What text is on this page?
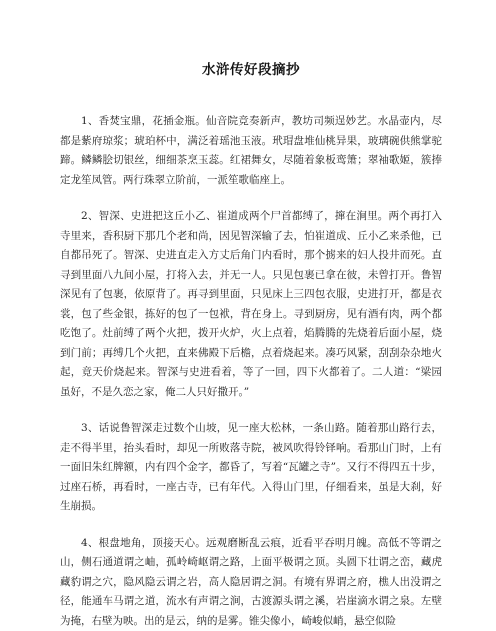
水浒传好段摘抄

1、香焚宝鼎，花插金瓶。仙音院竞奏新声，教坊司频逞妙艺。水晶壶内，尽都是紫府琼浆；琥珀杯中，满泛着瑶池玉液。玳瑁盘堆仙桃异果，玻璃碗供熊掌驼蹄。鳞鳞脍切银丝，细细茶烹玉蕊。红裙舞女，尽随着象板鸾箫；翠袖歌姬，簇捧定龙笙凤管。两行珠翠立阶前，一派笙歌临座上。

2、智深、史进把这丘小乙、崔道成两个尸首都缚了，撺在涧里。两个再打入寺里来，香积厨下那几个老和尚，因见智深输了去，怕崔道成、丘小乙来杀他，已自都吊死了。智深、史进直走入方丈后角门内看时，那个掳来的妇人投井而死。直寻到里面八九间小屋，打将入去，并无一人。只见包裹已拿在彼，未曾打开。鲁智深见有了包裹，依原背了。再寻到里面，只见床上三四包衣服，史进打开，都是衣裳，包了些金银，拣好的包了一包袱，背在身上。寻到厨房，见有酒有肉，两个都吃饱了。灶前缚了两个火把，拨开火炉，火上点着，焰腾腾的先烧着后面小屋，烧到门前；再缚几个火把，直来佛殿下后檐，点着烧起来。凑巧风紧，刮刮杂杂地火起，竟天价烧起来。智深与史进看着，等了一回，四下火都着了。二人道：“梁园虽好，不是久恋之家，俺二人只好撒开。”

3、话说鲁智深走过数个山坡，见一座大松林，一条山路。随着那山路行去，走不得半里，抬头看时，却见一所败落寺院，被风吹得铃铎响。看那山门时，上有一面旧朱红牌额，内有四个金字，都昏了，写着“瓦罐之寺”。又行不得四五十步，过座石桥，再看时，一座古寺，已有年代。入得山门里，仔细看来，虽是大刹，好生崩损。

4、根盘地角，顶接天心。远观磨断乱云痕，近看平吞明月魄。高低不等谓之山，侧石通道谓之岫，孤岭崎岖谓之路，上面平极谓之顶。头圆下壮谓之峦，藏虎藏豹谓之穴，隐风隐云谓之岩，高人隐居谓之洞。有境有界谓之府，樵人出没谓之径，能通车马谓之道，流水有声谓之涧，古渡源头谓之溪，岩崖滴水谓之泉。左壁为掩，右壁为映。出的是云，纳的是雾。锥尖像小，崎峻似峭，悬空似险
